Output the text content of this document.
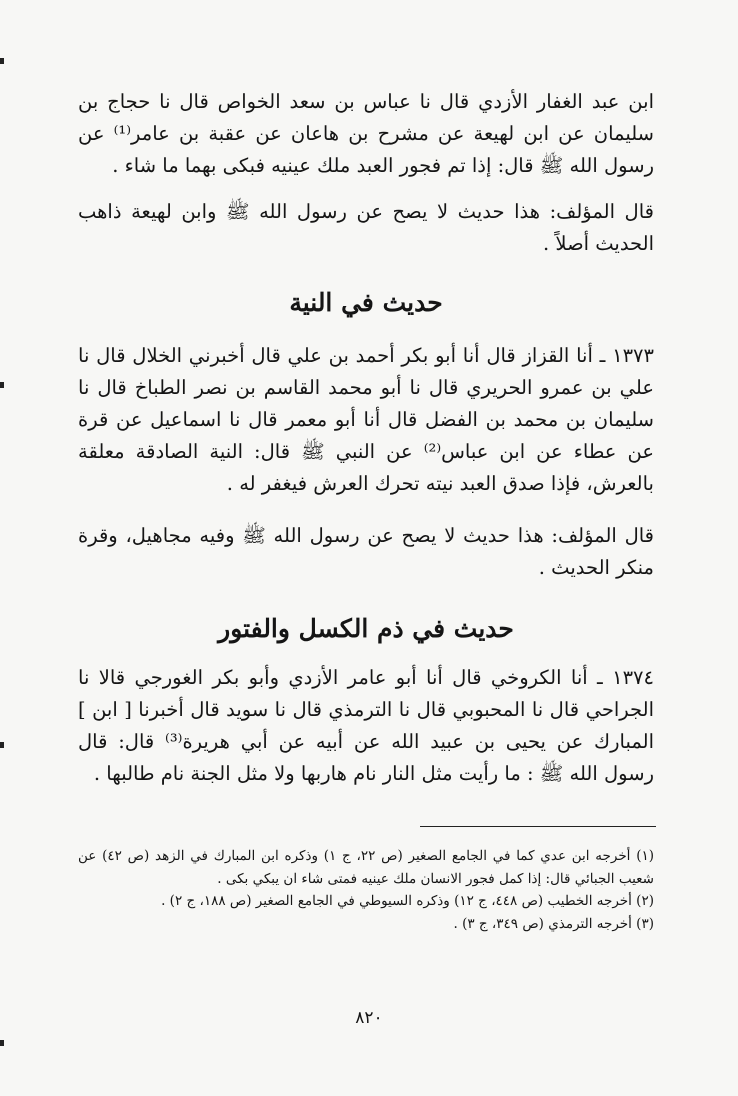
ابن عبد الغفار الأزدي قال نا عباس بن سعد الخواص قال نا حجاج بن سليمان عن ابن لهيعة عن مشرح بن هاعان عن عقبة بن عامر⁽¹⁾ عن رسول الله ﷺ قال: إذا تم فجور العبد ملك عينيه فبكى بهما ما شاء .

قال المؤلف: هذا حديث لا يصح عن رسول الله ﷺ وابن لهيعة ذاهب الحديث أصلاً .

حديث في النية

١٣٧٣ ـ أنا القزاز قال أنا أبو بكر أحمد بن علي قال أخبرني الخلال قال نا علي بن عمرو الحريري قال نا أبو محمد القاسم بن نصر الطباخ قال نا سليمان بن محمد بن الفضل قال أنا أبو معمر قال نا اسماعيل عن قرة عن عطاء عن ابن عباس⁽²⁾ عن النبي ﷺ قال: النية الصادقة معلقة بالعرش، فإذا صدق العبد نيته تحرك العرش فيغفر له .

قال المؤلف: هذا حديث لا يصح عن رسول الله ﷺ وفيه مجاهيل، وقرة منكر الحديث .

حديث في ذم الكسل والفتور

١٣٧٤ ـ أنا الكروخي قال أنا أبو عامر الأزدي وأبو بكر الغورجي قالا نا الجراحي قال نا المحبوبي قال نا الترمذي قال نا سويد قال أخبرنا [ ابن ] المبارك عن يحيى بن عبيد الله عن أبيه عن أبي هريرة⁽³⁾ قال: قال رسول الله ﷺ : ما رأيت مثل النار نام هاربها ولا مثل الجنة نام طالبها .

(١) أخرجه ابن عدي كما في الجامع الصغير (ص ٢٢، ج ١) وذكره ابن المبارك في الزهد (ص ٤٢) عن شعيب الجبائي قال: إذا كمل فجور الانسان ملك عينيه فمتى شاء ان يبكي بكى .

(٢) أخرجه الخطيب (ص ٤٤٨، ج ١٢) وذكره السيوطي في الجامع الصغير (ص ١٨٨، ج ٢) .

(٣) أخرجه الترمذي (ص ٣٤٩، ج ٣) .

٨٢٠
